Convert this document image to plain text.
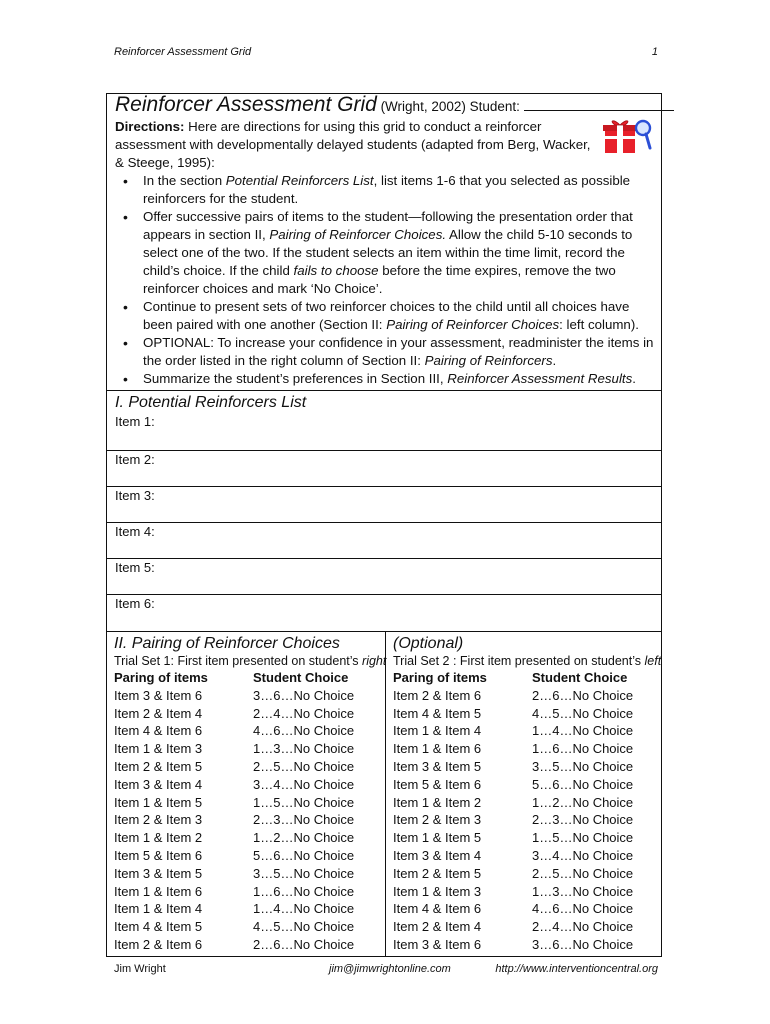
Reinforcer Assessment Grid	1
Reinforcer Assessment Grid (Wright, 2002) Student:
Directions: Here are directions for using this grid to conduct a reinforcer assessment with developmentally delayed students (adapted from Berg, Wacker, & Steege, 1995):
• In the section Potential Reinforcers List, list items 1-6 that you selected as possible reinforcers for the student.
• Offer successive pairs of items to the student—following the presentation order that appears in section II, Pairing of Reinforcer Choices. Allow the child 5-10 seconds to select one of the two. If the student selects an item within the time limit, record the child’s choice. If the child fails to choose before the time expires, remove the two reinforcer choices and mark ‘No Choice’.
• Continue to present sets of two reinforcer choices to the child until all choices have been paired with one another (Section II: Pairing of Reinforcer Choices: left column).
• OPTIONAL: To increase your confidence in your assessment, readminister the items in the order listed in the right column of Section II: Pairing of Reinforcers.
• Summarize the student’s preferences in Section III, Reinforcer Assessment Results.
I. Potential Reinforcers List
Item 1:
Item 2:
Item 3:
Item 4:
Item 5:
Item 6:
II. Pairing of Reinforcer Choices
Trial Set 1: First item presented on student’s right
Paring of items	Student Choice
Item 3 & Item 6	3…6…No Choice
Item 2 & Item 4	2…4…No Choice
Item 4 & Item 6	4…6…No Choice
Item 1 & Item 3	1…3…No Choice
Item 2 & Item 5	2…5…No Choice
Item 3 & Item 4	3…4…No Choice
Item 1 & Item 5	1…5…No Choice
Item 2 & Item 3	2…3…No Choice
Item 1 & Item 2	1…2…No Choice
Item 5 & Item 6	5…6…No Choice
Item 3 & Item 5	3…5…No Choice
Item 1 & Item 6	1…6…No Choice
Item 1 & Item 4	1…4…No Choice
Item 4 & Item 5	4…5…No Choice
Item 2 & Item 6	2…6…No Choice
(Optional)
Trial Set 2 : First item presented on student’s left
Paring of items	Student Choice
Item 2 & Item 6	2…6…No Choice
Item 4 & Item 5	4…5…No Choice
Item 1 & Item 4	1…4…No Choice
Item 1 & Item 6	1…6…No Choice
Item 3 & Item 5	3…5…No Choice
Item 5 & Item 6	5…6…No Choice
Item 1 & Item 2	1…2…No Choice
Item 2 & Item 3	2…3…No Choice
Item 1 & Item 5	1…5…No Choice
Item 3 & Item 4	3…4…No Choice
Item 2 & Item 5	2…5…No Choice
Item 1 & Item 3	1…3…No Choice
Item 4 & Item 6	4…6…No Choice
Item 2 & Item 4	2…4…No Choice
Item 3 & Item 6	3…6…No Choice
Jim Wright	jim@jimwrightonline.com	http://www.interventioncentral.org
